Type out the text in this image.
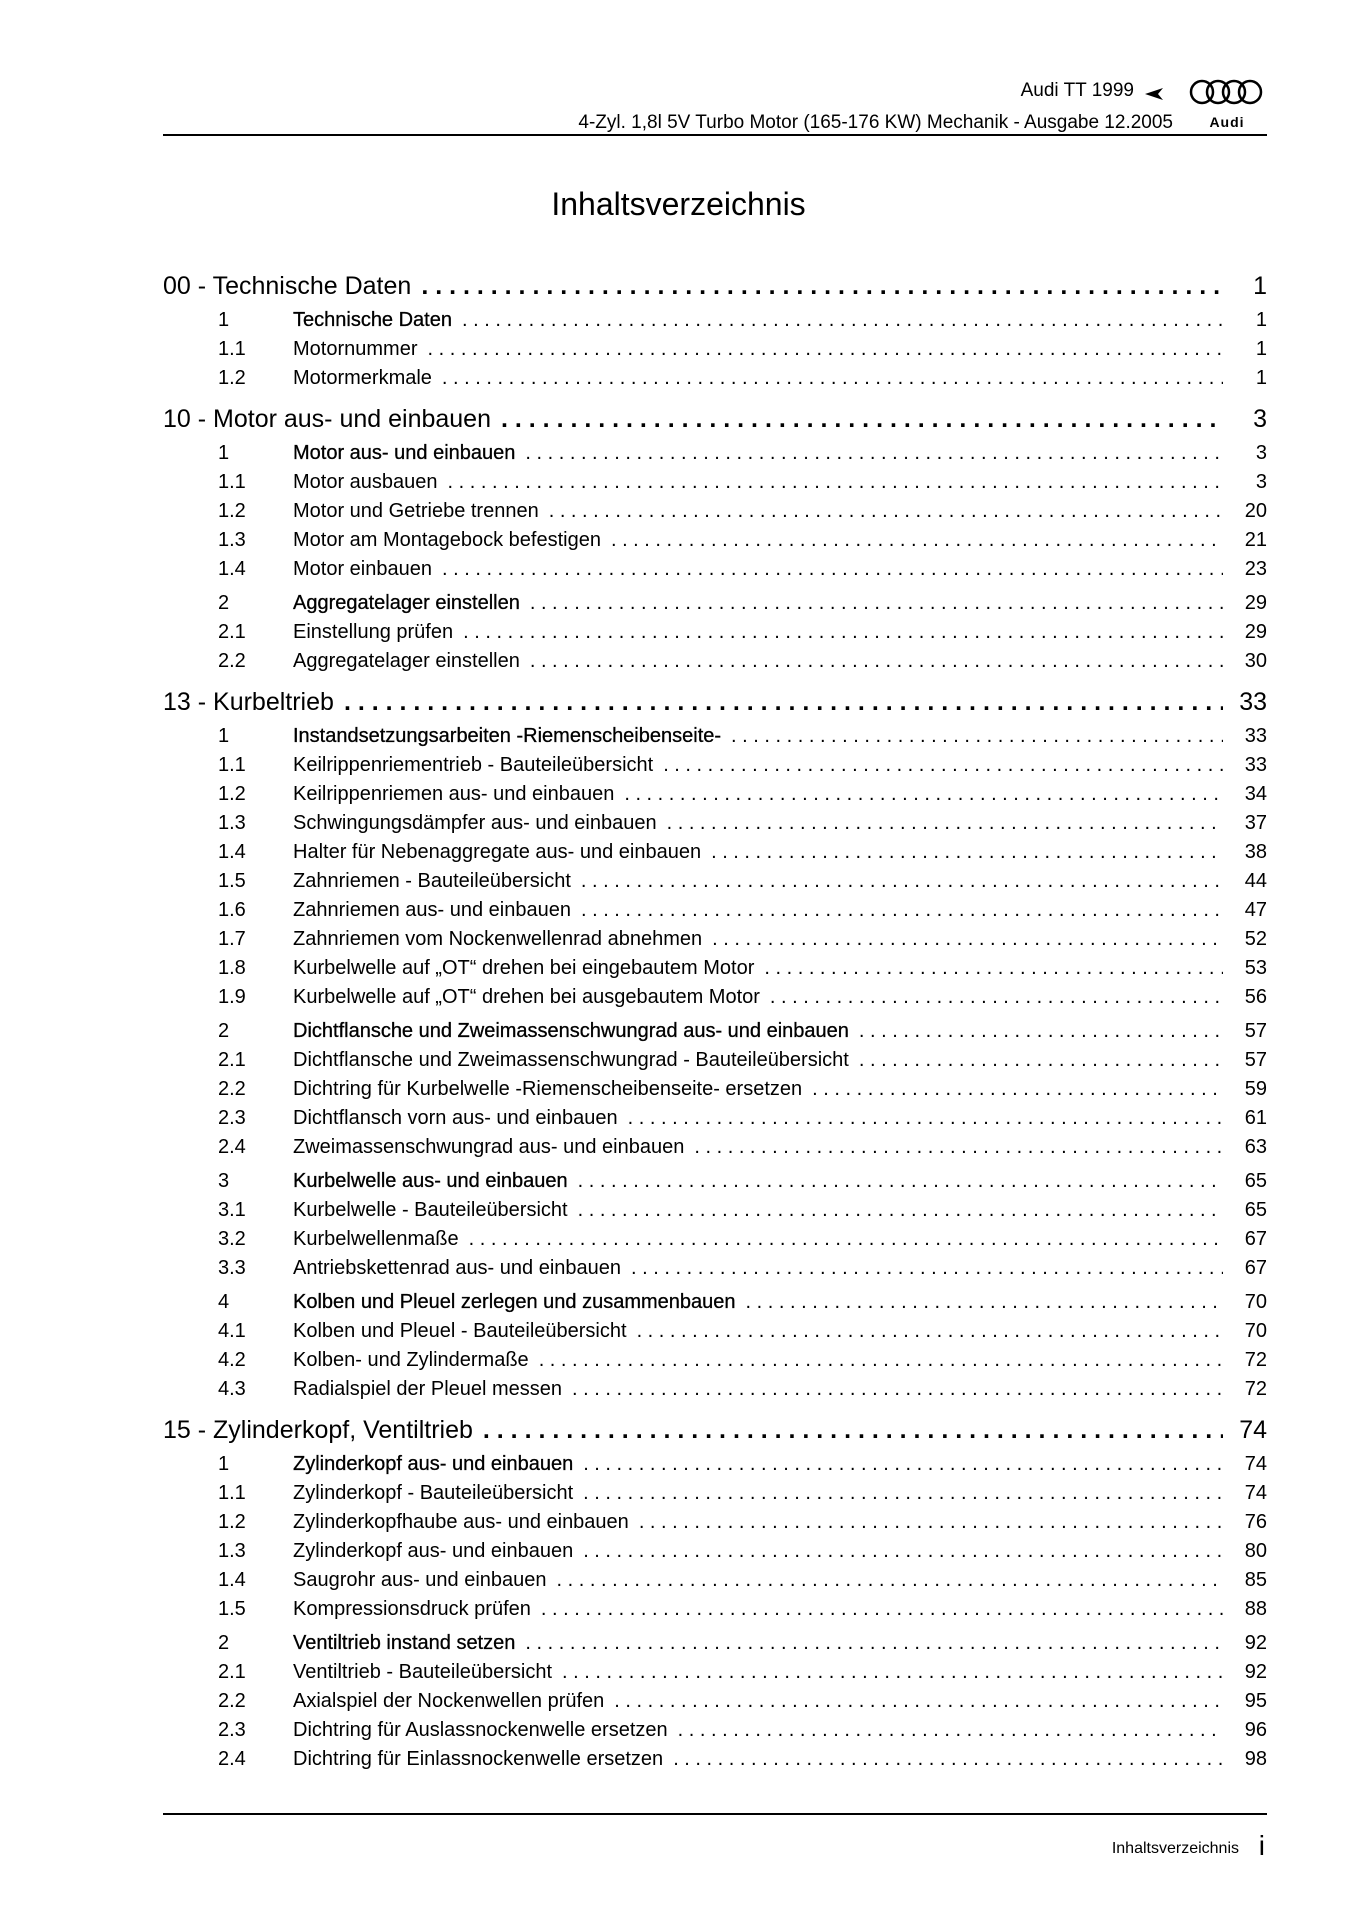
Audi TT 1999
4-Zyl. 1,8l 5V Turbo Motor (165-176 KW) Mechanik - Ausgabe 12.2005	Audi
Inhaltsverzeichnis
00 - Technische Daten . . .	1
1	Technische Daten . . .	1
1.1	Motornummer . . .	1
1.2	Motormerkmale . . .	1
10 - Motor aus- und einbauen . . .	3
1	Motor aus- und einbauen . . .	3
1.1	Motor ausbauen . . .	3
1.2	Motor und Getriebe trennen . . .	20
1.3	Motor am Montagebock befestigen . . .	21
1.4	Motor einbauen . . .	23
2	Aggregatelager einstellen . . .	29
2.1	Einstellung prüfen . . .	29
2.2	Aggregatelager einstellen . . .	30
13 - Kurbeltrieb . . .	33
1	Instandsetzungsarbeiten -Riemenscheibenseite- . . .	33
1.1	Keilrippenriementrieb - Bauteileübersicht . . .	33
1.2	Keilrippenriemen aus- und einbauen . . .	34
1.3	Schwingungsdämpfer aus- und einbauen . . .	37
1.4	Halter für Nebenaggregate aus- und einbauen . . .	38
1.5	Zahnriemen - Bauteileübersicht . . .	44
1.6	Zahnriemen aus- und einbauen . . .	47
1.7	Zahnriemen vom Nockenwellenrad abnehmen . . .	52
1.8	Kurbelwelle auf „OT“ drehen bei eingebautem Motor . . .	53
1.9	Kurbelwelle auf „OT“ drehen bei ausgebautem Motor . . .	56
2	Dichtflansche und Zweimassenschwungrad aus- und einbauen . . .	57
2.1	Dichtflansche und Zweimassenschwungrad - Bauteileübersicht . . .	57
2.2	Dichtring für Kurbelwelle -Riemenscheibenseite- ersetzen . . .	59
2.3	Dichtflansch vorn aus- und einbauen . . .	61
2.4	Zweimassenschwungrad aus- und einbauen . . .	63
3	Kurbelwelle aus- und einbauen . . .	65
3.1	Kurbelwelle - Bauteileübersicht . . .	65
3.2	Kurbelwellenmaße . . .	67
3.3	Antriebskettenrad aus- und einbauen . . .	67
4	Kolben und Pleuel zerlegen und zusammenbauen . . .	70
4.1	Kolben und Pleuel - Bauteileübersicht . . .	70
4.2	Kolben- und Zylindermaße . . .	72
4.3	Radialspiel der Pleuel messen . . .	72
15 - Zylinderkopf, Ventiltrieb . . .	74
1	Zylinderkopf aus- und einbauen . . .	74
1.1	Zylinderkopf - Bauteileübersicht . . .	74
1.2	Zylinderkopfhaube aus- und einbauen . . .	76
1.3	Zylinderkopf aus- und einbauen . . .	80
1.4	Saugrohr aus- und einbauen . . .	85
1.5	Kompressionsdruck prüfen . . .	88
2	Ventiltrieb instand setzen . . .	92
2.1	Ventiltrieb - Bauteileübersicht . . .	92
2.2	Axialspiel der Nockenwellen prüfen . . .	95
2.3	Dichtring für Auslassnockenwelle ersetzen . . .	96
2.4	Dichtring für Einlassnockenwelle ersetzen . . .	98
Inhaltsverzeichnis i
